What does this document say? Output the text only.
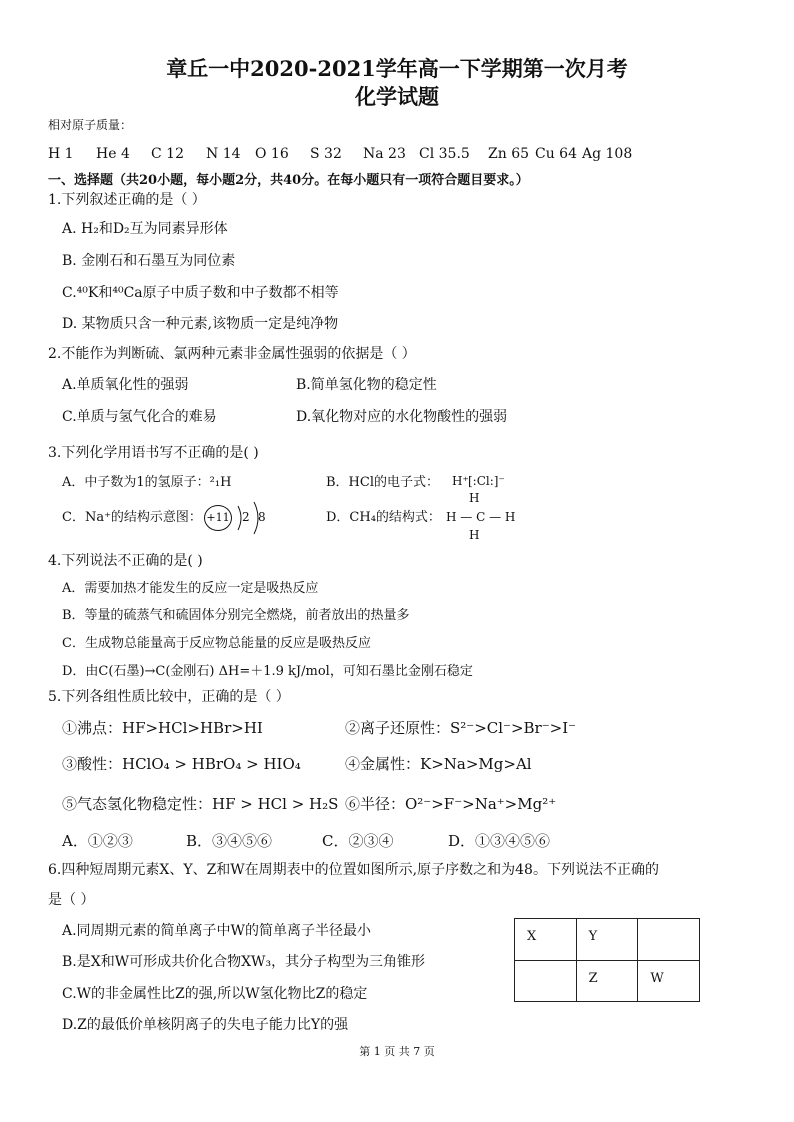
章丘一中2020-2021学年高一下学期第一次月考
化学试题
相对原子质量：
H 1 He 4 C 12 N 14 O 16 S 32 Na 23 Cl 35.5 Zn 65 Cu 64 Ag 108
一、选择题（共20小题，每小题2分，共40分。在每小题只有一项符合题目要求。）
1.下列叙述正确的是（ ）
A. H₂和D₂互为同素异形体
B. 金刚石和石墨互为同位素
C.⁴⁰K和⁴⁰Ca原子中质子数和中子数都不相等
D. 某物质只含一种元素,该物质一定是纯净物
2.不能作为判断硫、氯两种元素非金属性强弱的依据是（ ）
A.单质氧化性的强弱	B.简单氢化物的稳定性
C.单质与氢气化合的难易	D.氧化物对应的水化物酸性的强弱
3.下列化学用语书写不正确的是( )
A．中子数为1的氢原子：²₁H	B．HCl的电子式： H⁺ [:Cl:]⁻
C．Na⁺的结构示意图： +11 2 8	D．CH₄的结构式：
H
H — C — H
H
4.下列说法不正确的是( )
A．需要加热才能发生的反应一定是吸热反应
B．等量的硫蒸气和硫固体分别完全燃烧，前者放出的热量多
C．生成物总能量高于反应物总能量的反应是吸热反应
D．由C(石墨)→C(金刚石) ΔH=＋1.9 kJ/mol，可知石墨比金刚石稳定
5.下列各组性质比较中，正确的是（ ）
①沸点：HF>HCl>HBr>HI	②离子还原性：S²⁻>Cl⁻>Br⁻>I⁻
③酸性：HClO₄ > HBrO₄ > HIO₄	④金属性：K>Na>Mg>Al
⑤气态氢化物稳定性：HF > HCl > H₂S ⑥半径：O²⁻>F⁻>Na⁺>Mg²⁺
A．①②③	B．③④⑤⑥	C．②③④	D．①③④⑤⑥
6.四种短周期元素X、Y、Z和W在周期表中的位置如图所示,原子序数之和为48。下列说法不正确的
是（ ）
A.同周期元素的简单离子中W的简单离子半径最小
B.是X和W可形成共价化合物XW₃，其分子构型为三角锥形
C.W的非金属性比Z的强,所以W氢化物比Z的稳定
D.Z的最低价单核阴离子的失电子能力比Y的强
X	Y	
	Z	W
第 1 页 共 7 页
